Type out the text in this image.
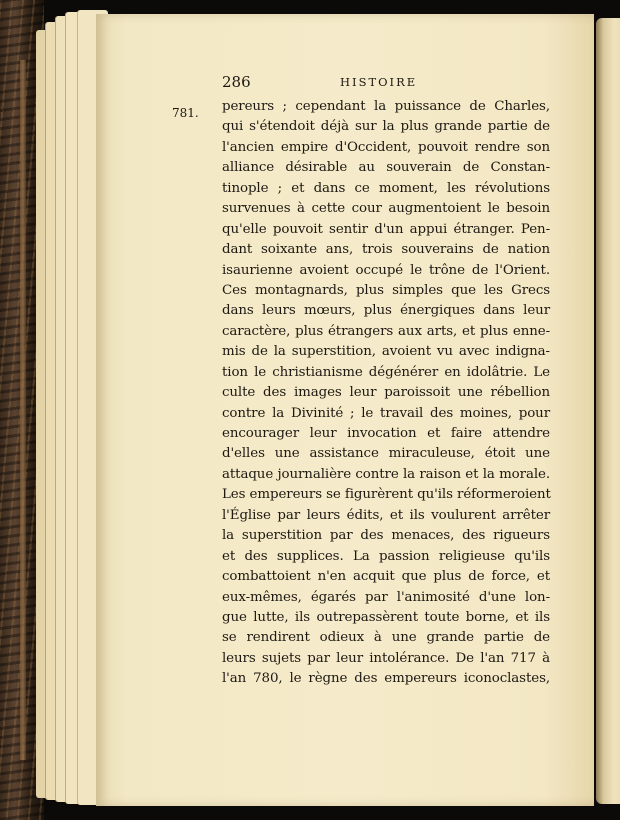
781.
286	HISTOIRE
pereurs ; cependant la puissance de Charles,
qui s'étendoit déjà sur la plus grande partie de
l'ancien empire d'Occident, pouvoit rendre son
alliance désirable au souverain de Constan-
tinople ; et dans ce moment, les révolutions
survenues à cette cour augmentoient le besoin
qu'elle pouvoit sentir d'un appui étranger. Pen-
dant soixante ans, trois souverains de nation
isaurienne avoient occupé le trône de l'Orient.
Ces montagnards, plus simples que les Grecs
dans leurs mœurs, plus énergiques dans leur
caractère, plus étrangers aux arts, et plus enne-
mis de la superstition, avoient vu avec indigna-
tion le christianisme dégénérer en idolâtrie. Le
culte des images leur paroissoit une rébellion
contre la Divinité ; le travail des moines, pour
encourager leur invocation et faire attendre
d'elles une assistance miraculeuse, étoit une
attaque journalière contre la raison et la morale.
Les empereurs se figurèrent qu'ils réformeroient
l'Église par leurs édits, et ils voulurent arrêter
la superstition par des menaces, des rigueurs
et des supplices. La passion religieuse qu'ils
combattoient n'en acquit que plus de force, et
eux-mêmes, égarés par l'animosité d'une lon-
gue lutte, ils outrepassèrent toute borne, et ils
se rendirent odieux à une grande partie de
leurs sujets par leur intolérance. De l'an 717 à
l'an 780, le règne des empereurs iconoclastes,
